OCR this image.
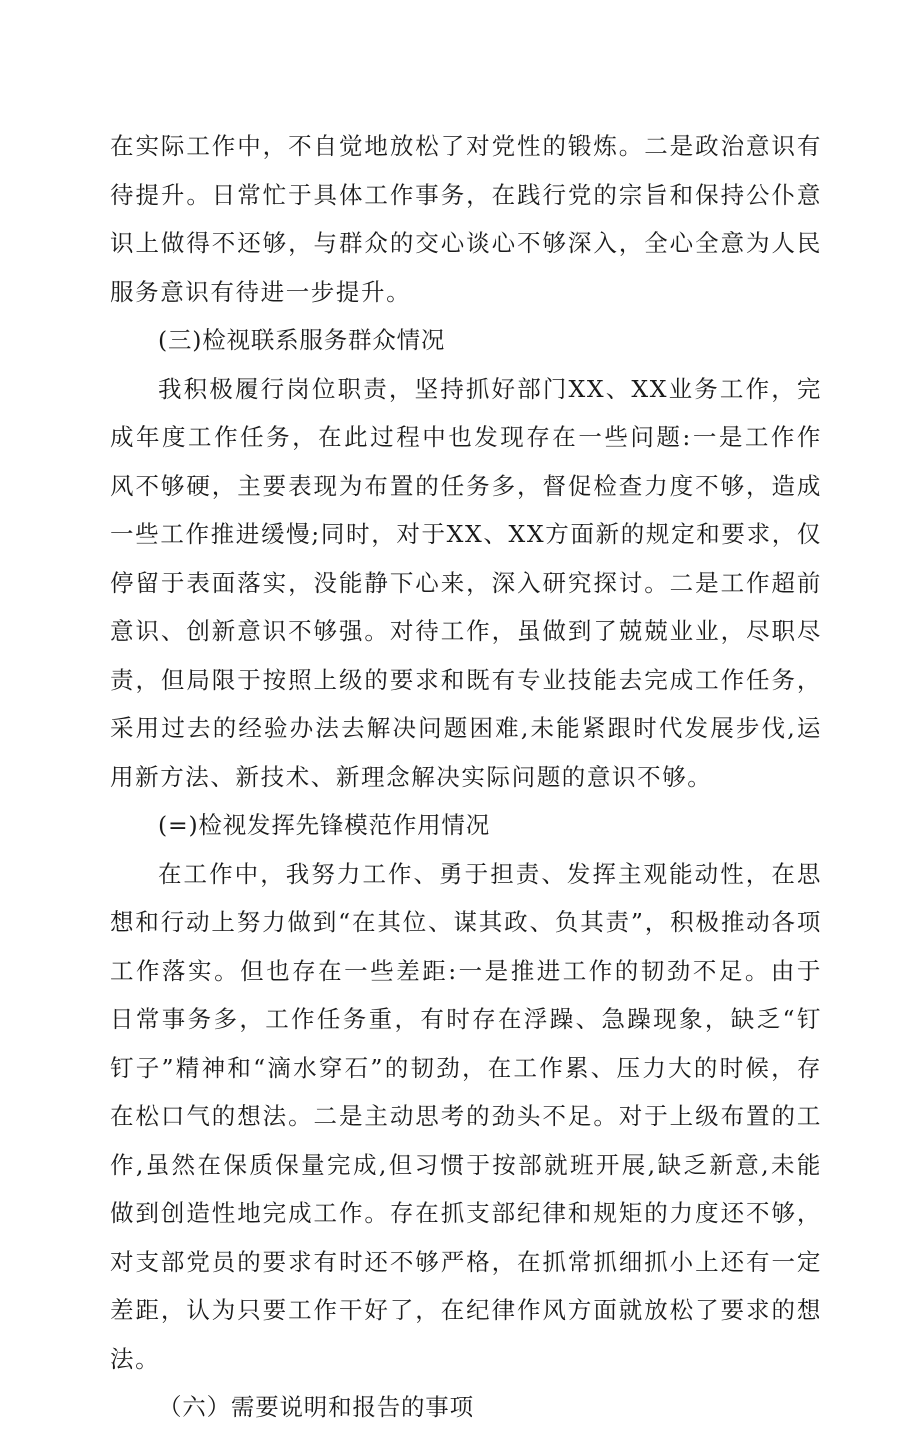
在实际工作中，不自觉地放松了对党性的锻炼。二是政治意识有待提升。日常忙于具体工作事务，在践行党的宗旨和保持公仆意识上做得不还够，与群众的交心谈心不够深入，全心全意为人民服务意识有待进一步提升。

(三)检视联系服务群众情况

我积极履行岗位职责，坚持抓好部门XX、XX业务工作，完成年度工作任务，在此过程中也发现存在一些问题:一是工作作风不够硬，主要表现为布置的任务多，督促检查力度不够，造成一些工作推进缓慢;同时，对于XX、XX方面新的规定和要求，仅停留于表面落实，没能静下心来，深入研究探讨。二是工作超前意识、创新意识不够强。对待工作，虽做到了兢兢业业，尽职尽责，但局限于按照上级的要求和既有专业技能去完成工作任务，采用过去的经验办法去解决问题困难,未能紧跟时代发展步伐,运用新方法、新技术、新理念解决实际问题的意识不够。

(=)检视发挥先锋模范作用情况

在工作中，我努力工作、勇于担责、发挥主观能动性，在思想和行动上努力做到“在其位、谋其政、负其责”，积极推动各项工作落实。但也存在一些差距:一是推进工作的韧劲不足。由于日常事务多，工作任务重，有时存在浮躁、急躁现象，缺乏“钉钉子”精神和“滴水穿石”的韧劲，在工作累、压力大的时候，存在松口气的想法。二是主动思考的劲头不足。对于上级布置的工作,虽然在保质保量完成,但习惯于按部就班开展,缺乏新意,未能做到创造性地完成工作。存在抓支部纪律和规矩的力度还不够，对支部党员的要求有时还不够严格，在抓常抓细抓小上还有一定差距，认为只要工作干好了，在纪律作风方面就放松了要求的想法。

（六）需要说明和报告的事项
